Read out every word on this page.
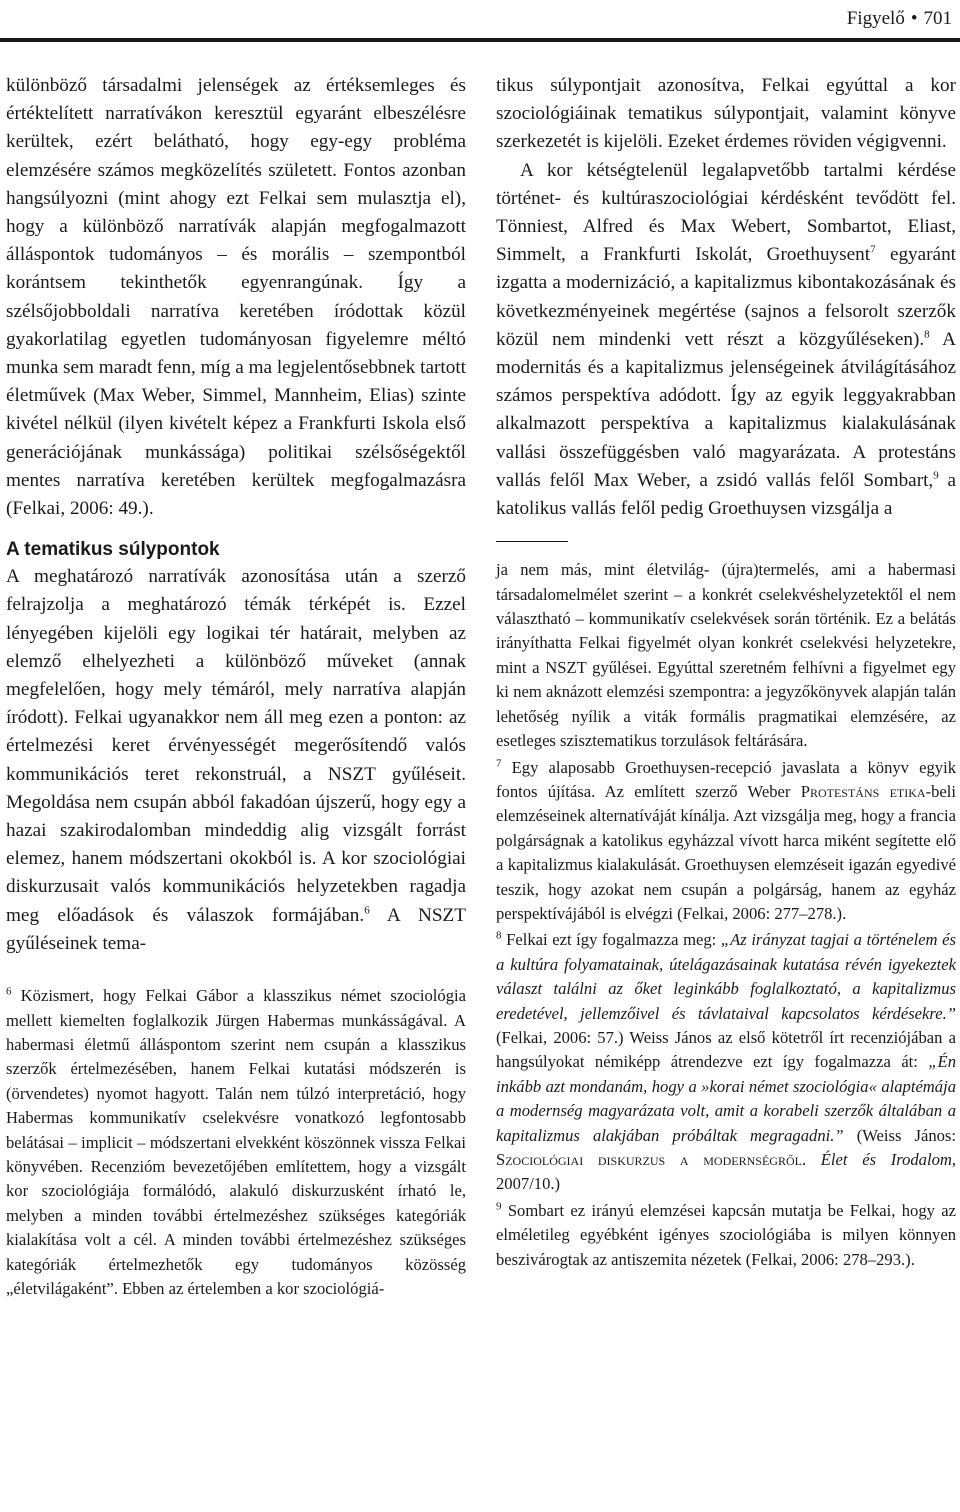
Figyelő • 701

különböző társadalmi jelenségek az értéksemleges és értéktelített narratívákon keresztül egyaránt elbeszélésre kerültek, ezért belátható, hogy egy-egy probléma elemzésére számos megközelítés született. Fontos azonban hangsúlyozni (mint ahogy ezt Felkai sem mulasztja el), hogy a különböző narratívák alapján megfogalmazott álláspontok tudományos – és morális – szempontból korántsem tekinthetők egyenrangúnak. Így a szélsőjobboldali narratíva keretében íródottak közül gyakorlatilag egyetlen tudományosan figyelemre méltó munka sem maradt fenn, míg a ma legjelentősebbnek tartott életművek (Max Weber, Simmel, Mannheim, Elias) szinte kivétel nélkül (ilyen kivételt képez a Frankfurti Iskola első generációjának munkássága) politikai szélsőségektől mentes narratíva keretében kerültek megfogalmazásra (Felkai, 2006: 49.).

A tematikus súlypontok

A meghatározó narratívák azonosítása után a szerző felrajzolja a meghatározó témák térképét is. Ezzel lényegében kijelöli egy logikai tér határait, melyben az elemző elhelyezheti a különböző műveket (annak megfelelően, hogy mely témáról, mely narratíva alapján íródott). Felkai ugyanakkor nem áll meg ezen a ponton: az értelmezési keret érvényességét megerősítendő valós kommunikációs teret rekonstruál, a NSZT gyűléseit. Megoldása nem csupán abból fakadóan újszerű, hogy egy a hazai szakirodalomban mindeddig alig vizsgált forrást elemez, hanem módszertani okokból is. A kor szociológiai diskurzusait valós kommunikációs helyzetekben ragadja meg előadások és válaszok formájában.$^6$ A NSZT gyűléseinek tema-

$^6$ Közismert, hogy Felkai Gábor a klasszikus német szociológia mellett kiemelten foglalkozik Jürgen Habermas munkásságával. A habermasi életmű álláspontom szerint nem csupán a klasszikus szerzők értelmezésében, hanem Felkai kutatási módszerén is (örvendetes) nyomot hagyott. Talán nem túlzó interpretáció, hogy Habermas kommunikatív cselekvésre vonatkozó legfontosabb belátásai – implicit – módszertani elvekként köszönnek vissza Felkai könyvében. Recenzióm bevezetőjében említettem, hogy a vizsgált kor szociológiája formálódó, alakuló diskurzusként írható le, melyben a minden további értelmezéshez szükséges kategóriák kialakítása volt a cél. A minden további értelmezéshez szükséges kategóriák értelmezhetők egy tudományos közösség „életvilágaként”. Ebben az értelemben a kor szociológiá-

tikus súlypontjait azonosítva, Felkai egyúttal a kor szociológiáinak tematikus súlypontjait, valamint könyve szerkezetét is kijelöli. Ezeket érdemes röviden végigvenni.

A kor kétségtelenül legalapvetőbb tartalmi kérdése történet- és kultúraszociológiai kérdésként tevődött fel. Tönniest, Alfred és Max Webert, Sombartot, Eliast, Simmelt, a Frankfurti Iskolát, Groethuysent$^7$ egyaránt izgatta a modernizáció, a kapitalizmus kibontakozásának és következményeinek megértése (sajnos a felsorolt szerzők közül nem mindenki vett részt a közgyűléseken).$^8$ A modernitás és a kapitalizmus jelenségeinek átvilágításához számos perspektíva adódott. Így az egyik leggyakrabban alkalmazott perspektíva a kapitalizmus kialakulásának vallási összefüggésben való magyarázata. A protestáns vallás felől Max Weber, a zsidó vallás felől Sombart,$^9$ a katolikus vallás felől pedig Groethuysen vizsgálja a

ja nem más, mint életvilág- (újra)termelés, ami a habermasi társadalomelmélet szerint – a konkrét cselekvéshelyzetektől el nem választható – kommunikatív cselekvések során történik. Ez a belátás irányíthatta Felkai figyelmét olyan konkrét cselekvési helyzetekre, mint a NSZT gyűlései. Egyúttal szeretném felhívni a figyelmet egy ki nem aknázott elemzési szempontra: a jegyzőkönyvek alapján talán lehetőség nyílik a viták formális pragmatikai elemzésére, az esetleges szisztematikus torzulások feltárására.

$^7$ Egy alaposabb Groethuysen-recepció javaslata a könyv egyik fontos újítása. Az említett szerző Weber Protestáns etika-beli elemzéseinek alternatíváját kínálja. Azt vizsgálja meg, hogy a francia polgárságnak a katolikus egyházzal vívott harca miként segítette elő a kapitalizmus kialakulását. Groethuysen elemzéseit igazán egyedivé teszik, hogy azokat nem csupán a polgárság, hanem az egyház perspektívájából is elvégzi (Felkai, 2006: 277–278.).

$^8$ Felkai ezt így fogalmazza meg: „Az irányzat tagjai a történelem és a kultúra folyamatainak, útelágazásainak kutatása révén igyekeztek választ találni az őket leginkább foglalkoztató, a kapitalizmus eredetével, jellemzőivel és távlataival kapcsolatos kérdésekre.” (Felkai, 2006: 57.) Weiss János az első kötetről írt recenziójában a hangsúlyokat némiképp átrendezve ezt így fogalmazza át: „Én inkább azt mondanám, hogy a »korai német szociológia« alaptémája a modernség magyarázata volt, amit a korabeli szerzők általában a kapitalizmus alakjában próbáltak megragadni.” (Weiss János: Szociológiai diskurzus a modernségről. Élet és Irodalom, 2007/10.)

$^9$ Sombart ez irányú elemzései kapcsán mutatja be Felkai, hogy az elméletileg egyébként igényes szociológiába is milyen könnyen beszivárogtak az antiszemita nézetek (Felkai, 2006: 278–293.).
